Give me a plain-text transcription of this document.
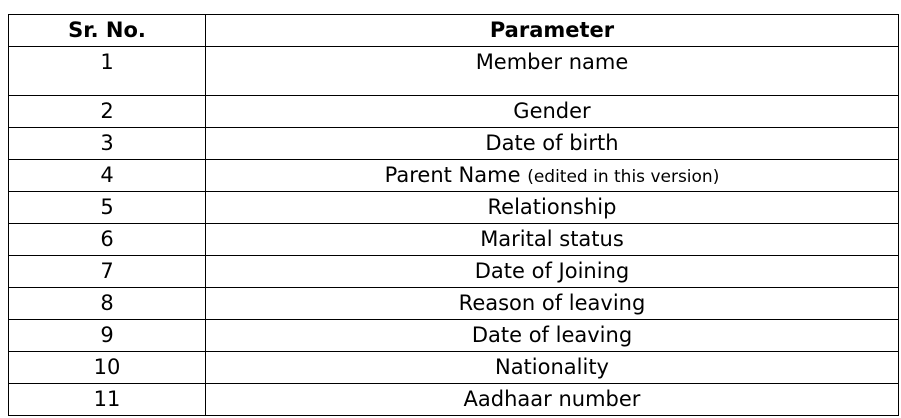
Sr. No.	Parameter
1	Member name
2	Gender
3	Date of birth
4	Parent Name (edited in this version)
5	Relationship
6	Marital status
7	Date of Joining
8	Reason of leaving
9	Date of leaving
10	Nationality
11	Aadhaar number
